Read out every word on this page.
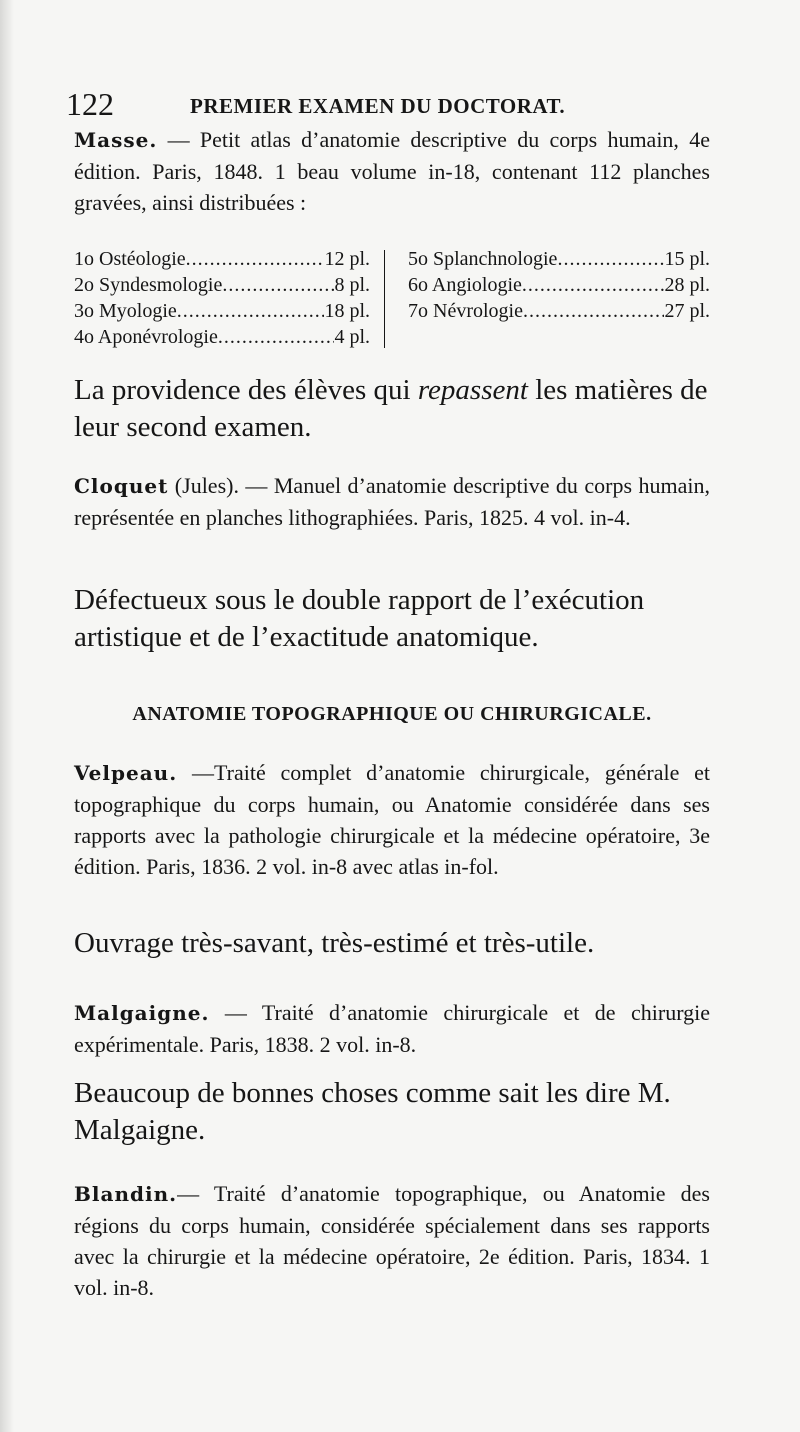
122	PREMIER EXAMEN DU DOCTORAT.

Masse. — Petit atlas d’anatomie descriptive du corps humain, 4e édition. Paris, 1848. 1 beau volume in-18, contenant 112 planches gravées, ainsi distribuées :

1o Ostéologie .....	12 pl.
2o Syndesmologie .....	8 pl.
3o Myologie .....	18 pl.
4o Aponévrologie .....	4 pl.
5o Splanchnologie .....	15 pl.
6o Angiologie .....	28 pl.
7o Névrologie .....	27 pl.

La providence des élèves qui repassent les matières de leur second examen.

Cloquet (Jules). — Manuel d’anatomie descriptive du corps humain, représentée en planches lithographiées. Paris, 1825. 4 vol. in-4.

Défectueux sous le double rapport de l’exécution artistique et de l’exactitude anatomique.

ANATOMIE TOPOGRAPHIQUE OU CHIRURGICALE.

Velpeau. —Traité complet d’anatomie chirurgicale, générale et topographique du corps humain, ou Anatomie considérée dans ses rapports avec la pathologie chirurgicale et la médecine opératoire, 3e édition. Paris, 1836. 2 vol. in-8 avec atlas in-fol.

Ouvrage très-savant, très-estimé et très-utile.

Malgaigne. — Traité d’anatomie chirurgicale et de chirurgie expérimentale. Paris, 1838. 2 vol. in-8.

Beaucoup de bonnes choses comme sait les dire M. Malgaigne.

Blandin.— Traité d’anatomie topographique, ou Anatomie des régions du corps humain, considérée spécialement dans ses rapports avec la chirurgie et la médecine opératoire, 2e édition. Paris, 1834. 1 vol. in-8.
